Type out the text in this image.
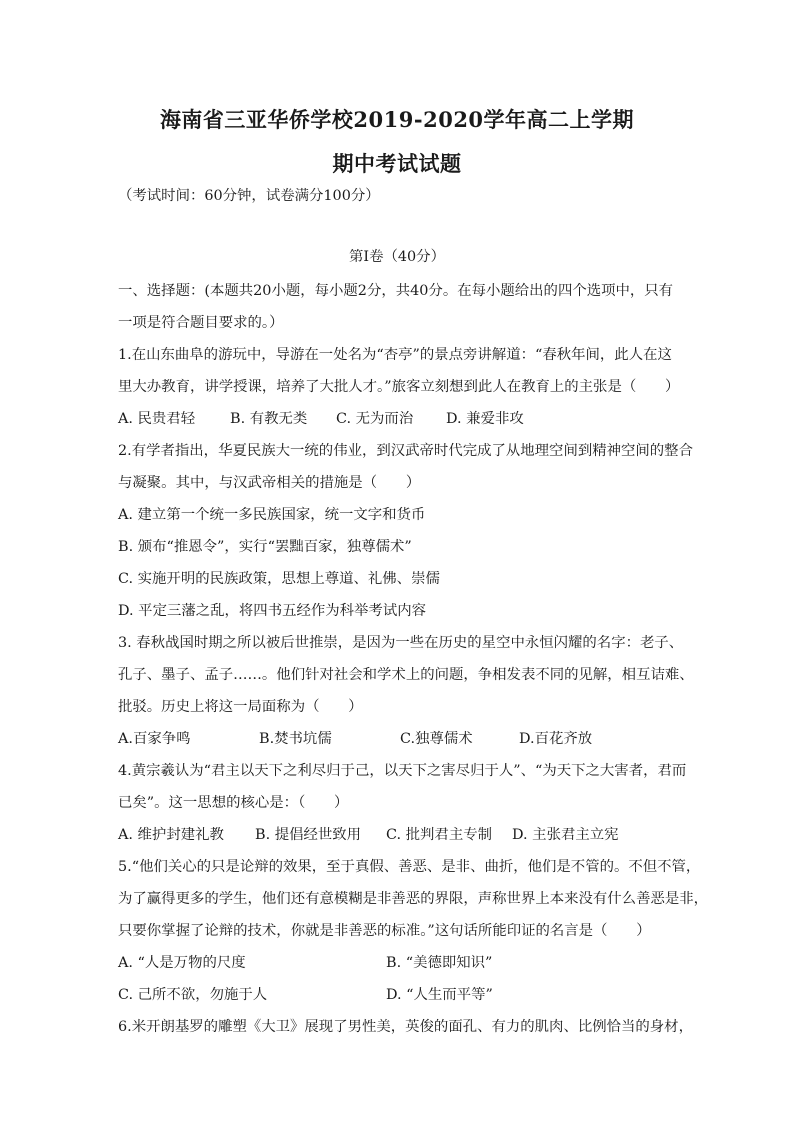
海南省三亚华侨学校2019-2020学年高二上学期
期中考试试题
（考试时间：60分钟，试卷满分100分）
第I卷（40分）
一、选择题：(本题共20小题，每小题2分，共40分。在每小题给出的四个选项中，只有
一项是符合题目要求的。）
1.在山东曲阜的游玩中，导游在一处名为“杏亭”的景点旁讲解道：“春秋年间，此人在这
里大办教育，讲学授课，培养了大批人才。”旅客立刻想到此人在教育上的主张是（　　）
A. 民贵君轻 B. 有教无类 C. 无为而治 D. 兼爱非攻
2.有学者指出，华夏民族大一统的伟业，到汉武帝时代完成了从地理空间到精神空间的整合
与凝聚。其中，与汉武帝相关的措施是（　　）
A. 建立第一个统一多民族国家，统一文字和货币
B. 颁布“推恩令”，实行“罢黜百家，独尊儒术”
C. 实施开明的民族政策，思想上尊道、礼佛、崇儒
D. 平定三藩之乱，将四书五经作为科举考试内容
3. 春秋战国时期之所以被后世推崇，是因为一些在历史的星空中永恒闪耀的名字：老子、
孔子、墨子、孟子……。他们针对社会和学术上的问题，争相发表不同的见解，相互诘难、
批驳。历史上将这一局面称为（　　）
A.百家争鸣	B.焚书坑儒	C.独尊儒术	D.百花齐放
4.黄宗羲认为“君主以天下之利尽归于己，以天下之害尽归于人”、“为天下之大害者，君而
已矣”。这一思想的核心是：（　　）
A. 维护封建礼教 B. 提倡经世致用 C. 批判君主专制 D. 主张君主立宪
5.“他们关心的只是论辩的效果，至于真假、善恶、是非、曲折，他们是不管的。不但不管，
为了赢得更多的学生，他们还有意模糊是非善恶的界限，声称世界上本来没有什么善恶是非，
只要你掌握了论辩的技术，你就是非善恶的标准。”这句话所能印证的名言是（　　）
A. “人是万物的尺度	B. “美德即知识”
C. 己所不欲，勿施于人	D. “人生而平等”
6.米开朗基罗的雕塑《大卫》展现了男性美，英俊的面孔、有力的肌肉、比例恰当的身材，
